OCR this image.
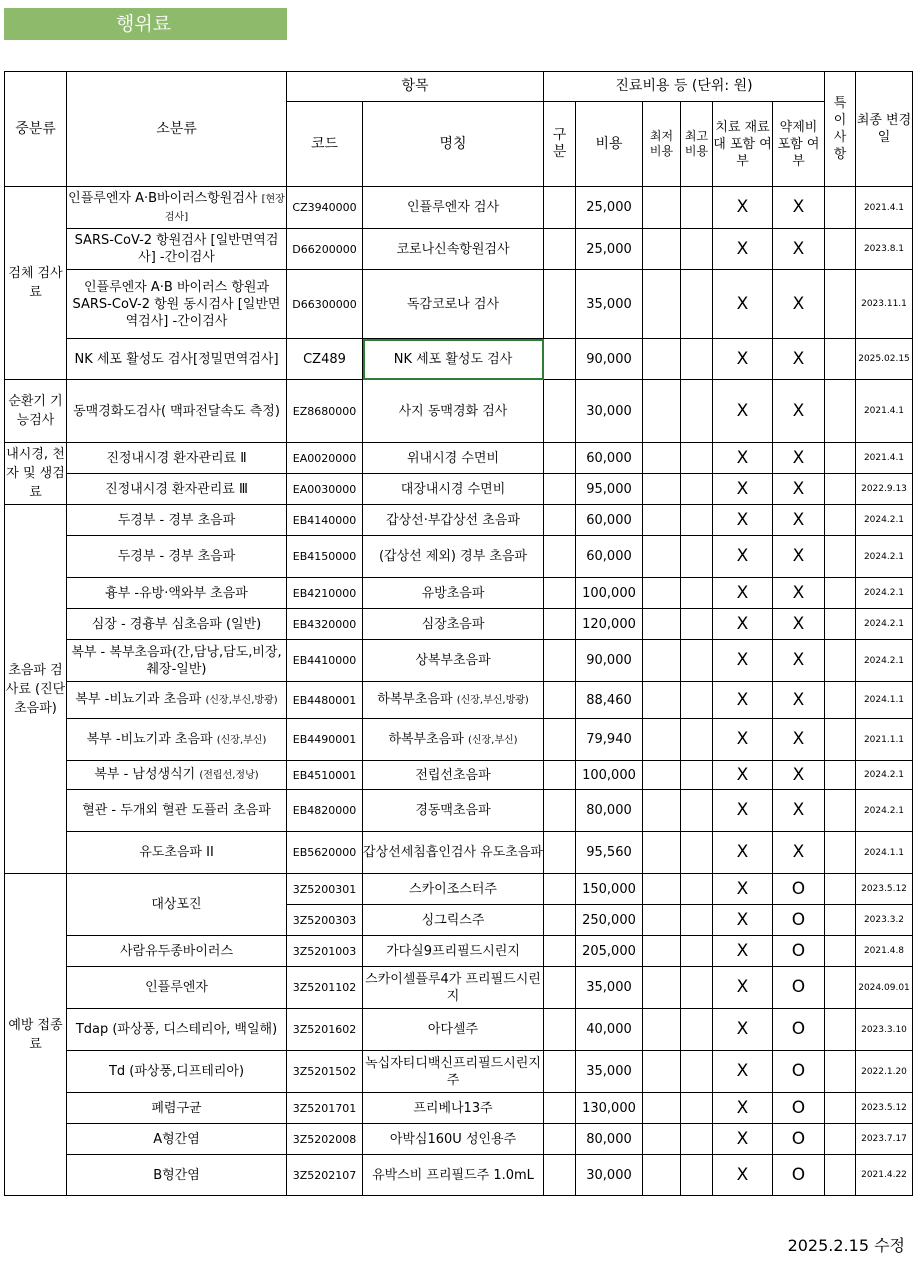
행위료
중분류	소분류	항목		진료비용 등 (단위: 원)						특이사항	최종 변경일
		코드	명칭	구분	비용	최저비용	최고비용	치료 재료대 포함 여부	약제비 포함 여부		
검체 검사료	인플루엔자 A·B바이러스항원검사 [현장검사]	CZ3940000	인플루엔자 검사		25,000			X	X		2021.4.1
	SARS-CoV-2 항원검사 [일반면역검사] -간이검사	D66200000	코로나신속항원검사		25,000			X	X		2023.8.1
	인플루엔자 A·B 바이러스 항원과 SARS-CoV-2 항원 동시검사 [일반면역검사] -간이검사	D66300000	독감코로나 검사		35,000			X	X		2023.11.1
	NK 세포 활성도 검사[정밀면역검사]	CZ489	NK 세포 활성도 검사		90,000			X	X		2025.02.15
순환기 기능검사	동맥경화도검사( 맥파전달속도 측정)	EZ8680000	사지 동맥경화 검사		30,000			X	X		2021.4.1
내시경, 천자 및 생검료	진정내시경 환자관리료 Ⅱ	EA0020000	위내시경 수면비		60,000			X	X		2021.4.1
	진정내시경 환자관리료 Ⅲ	EA0030000	대장내시경 수면비		95,000			X	X		2022.9.13
초음파 검사료 (진단 초음파)	두경부 - 경부 초음파	EB4140000	갑상선·부갑상선 초음파		60,000			X	X		2024.2.1
	두경부 - 경부 초음파	EB4150000	(갑상선 제외) 경부 초음파		60,000			X	X		2024.2.1
	흉부 -유방·액와부 초음파	EB4210000	유방초음파		100,000			X	X		2024.2.1
	심장 - 경흉부 심초음파 (일반)	EB4320000	심장초음파		120,000			X	X		2024.2.1
	복부 - 복부초음파(간,담낭,담도,비장,췌장-일반)	EB4410000	상복부초음파		90,000			X	X		2024.2.1
	복부 -비뇨기과 초음파 (신장,부신,방광)	EB4480001	하복부초음파 (신장,부신,방광)		88,460			X	X		2024.1.1
	복부 -비뇨기과 초음파 (신장,부신)	EB4490001	하복부초음파 (신장,부신)		79,940			X	X		2021.1.1
	복부 - 남성생식기 (전립선,정낭)	EB4510001	전립선초음파		100,000			X	X		2024.2.1
	혈관 - 두개외 혈관 도플러 초음파	EB4820000	경동맥초음파		80,000			X	X		2024.2.1
	유도초음파 II	EB5620000	갑상선세침흡인검사 유도초음파		95,560			X	X		2024.1.1
예방 접종료	대상포진	3Z5200301	스카이조스터주		150,000			X	O		2023.5.12
		3Z5200303	싱그릭스주		250,000			X	O		2023.3.2
	사람유두종바이러스	3Z5201003	가다실9프리필드시린지		205,000			X	O		2021.4.8
	인플루엔자	3Z5201102	스카이셀플루4가 프리필드시린지		35,000			X	O		2024.09.01
	Tdap (파상풍, 디스테리아, 백일해)	3Z5201602	아다셀주		40,000			X	O		2023.3.10
	Td (파상풍,디프테리아)	3Z5201502	녹십자티디백신프리필드시린지주		35,000			X	O		2022.1.20
	폐렴구균	3Z5201701	프리베나13주		130,000			X	O		2023.5.12
	A형간염	3Z5202008	아박심160U 성인용주		80,000			X	O		2023.7.17
	B형간염	3Z5202107	유박스비 프리필드주 1.0mL		30,000			X	O		2021.4.22
2025.2.15 수정
